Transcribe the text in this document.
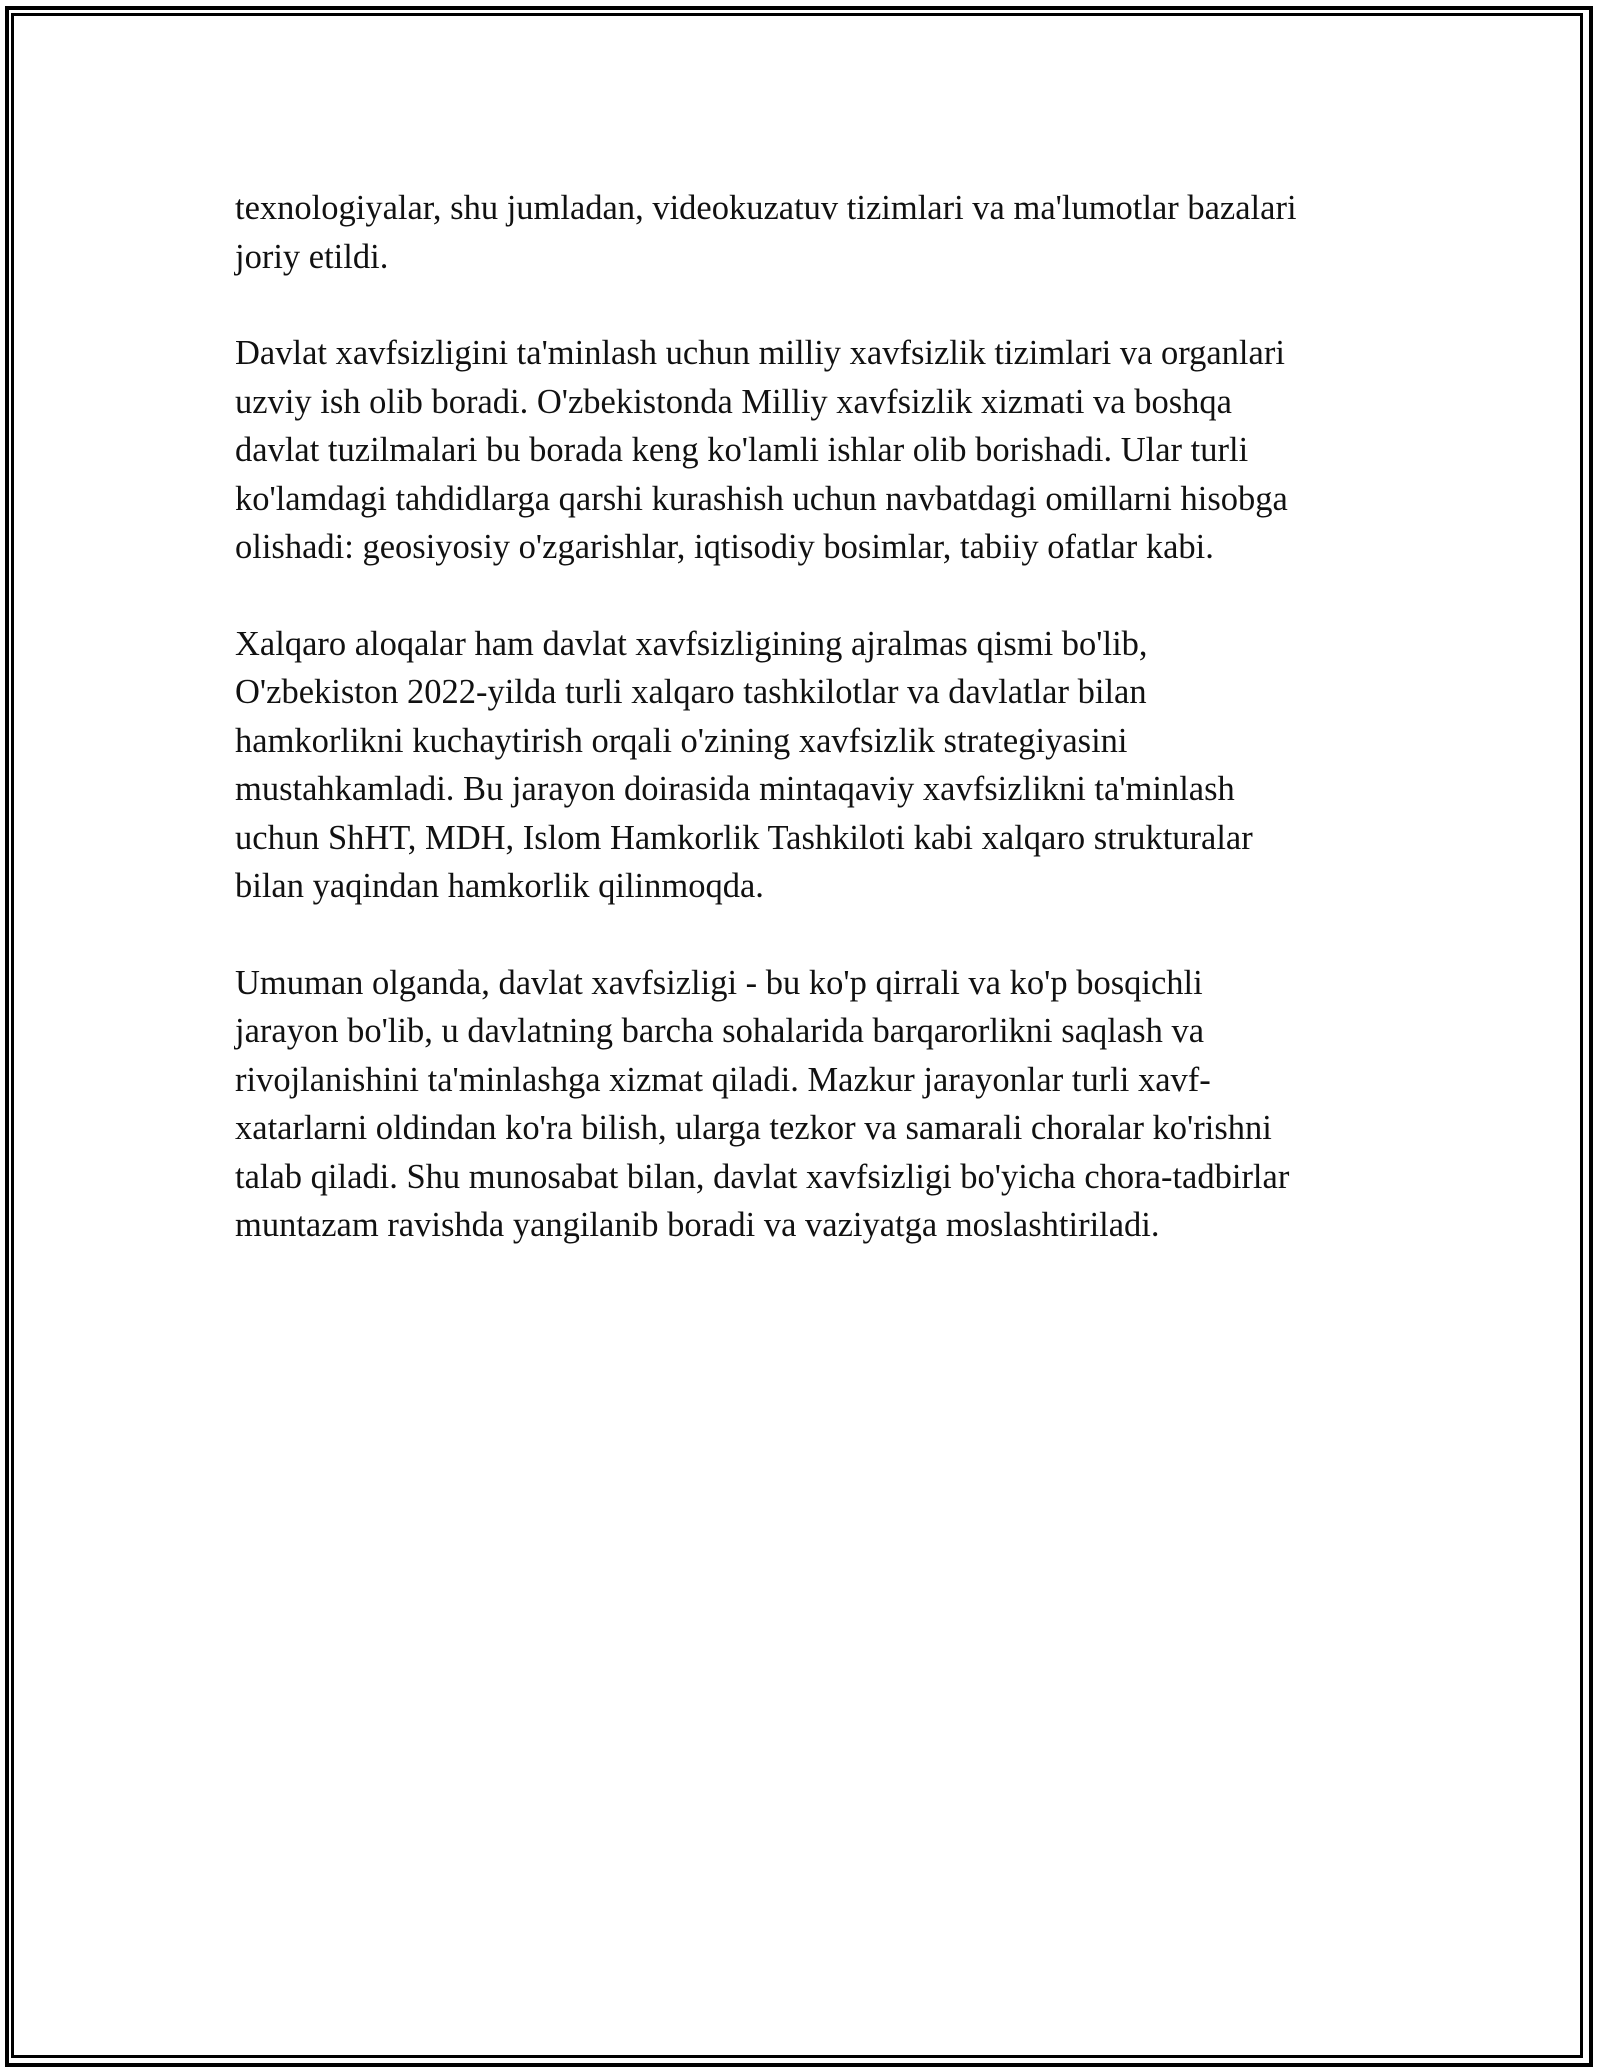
texnologiyalar, shu jumladan, videokuzatuv tizimlari va ma'lumotlar bazalari
joriy etildi.

Davlat xavfsizligini ta'minlash uchun milliy xavfsizlik tizimlari va organlari
uzviy ish olib boradi. O'zbekistonda Milliy xavfsizlik xizmati va boshqa
davlat tuzilmalari bu borada keng ko'lamli ishlar olib borishadi. Ular turli
ko'lamdagi tahdidlarga qarshi kurashish uchun navbatdagi omillarni hisobga
olishadi: geosiyosiy o'zgarishlar, iqtisodiy bosimlar, tabiiy ofatlar kabi.

Xalqaro aloqalar ham davlat xavfsizligining ajralmas qismi bo'lib,
O'zbekiston 2022-yilda turli xalqaro tashkilotlar va davlatlar bilan
hamkorlikni kuchaytirish orqali o'zining xavfsizlik strategiyasini
mustahkamladi. Bu jarayon doirasida mintaqaviy xavfsizlikni ta'minlash
uchun ShHT, MDH, Islom Hamkorlik Tashkiloti kabi xalqaro strukturalar
bilan yaqindan hamkorlik qilinmoqda.

Umuman olganda, davlat xavfsizligi - bu ko'p qirrali va ko'p bosqichli
jarayon bo'lib, u davlatning barcha sohalarida barqarorlikni saqlash va
rivojlanishini ta'minlashga xizmat qiladi. Mazkur jarayonlar turli xavf-
xatarlarni oldindan ko'ra bilish, ularga tezkor va samarali choralar ko'rishni
talab qiladi. Shu munosabat bilan, davlat xavfsizligi bo'yicha chora-tadbirlar
muntazam ravishda yangilanib boradi va vaziyatga moslashtiriladi.
